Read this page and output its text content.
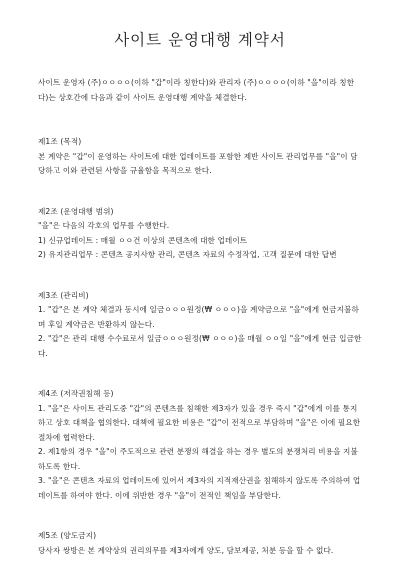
사이트 운영대행 계약서

사이트 운영자 (주)ㅇㅇㅇㅇ(이하 "갑"이라 칭한다)와 관리자 (주)ㅇㅇㅇㅇ(이하 "을"이라 칭한다)는 상호간에 다음과 같이 사이트 운영대행 계약을 체결한다.

제1조 (목적)

본 계약은 "갑"이 운영하는 사이트에 대한 업데이트를 포함한 제반 사이트 관리업무를 "을"이 담당하고 이와 관련된 사항을 규율함을 목적으로 한다.

제2조 (운영대행 범위)

"을"은 다음의 각호의 업무를 수행한다.

1) 신규업데이트 : 매월 ㅇㅇ건 이상의 콘텐츠에 대한 업데이트

2) 유지관리업무 : 콘텐츠 공지사항 관리, 콘텐츠 자료의 수정작업, 고객 질문에 대한 답변

제3조 (관리비)

1. "갑"은 본 계약 체결과 동시에 일금ㅇㅇㅇ원정(₩ ㅇㅇㅇ)을 계약금으로 "을"에게 현금지불하며 후일 계약금은 반환하지 않는다.

2. "갑"은 관리 대행 수수료로서 일금ㅇㅇㅇ원정(₩ ㅇㅇㅇ)을 매월 ㅇㅇ일 "을"에게 현금 입금한다.

제4조 (저작권침해 등)

1. "을"은 사이트 관리도중 "갑"의 콘텐츠를 침해한 제3자가 있을 경우 즉시 "갑"에게 이를 통지하고 상호 대책을 협의한다. 대책에 필요한 비용은 "갑"이 전적으로 부담하며 "을"은 이에 필요한 절차에 협력한다.

2. 제1항의 경우 "을"이 주도적으로 관련 분쟁의 해결을 하는 경우 별도의 분쟁처리 비용을 지불하도록 한다.

3. "을"은 콘텐츠 자료의 업데이트에 있어서 제3자의 지적재산권을 침해하지 않도록 주의하여 업데이트를 하여야 한다. 이에 위반한 경우 "을"이 전적인 책임을 부담한다.

제5조 (양도금지)

당사자 쌍방은 본 계약상의 권리의무를 제3자에게 양도, 담보제공, 처분 등을 할 수 없다.
